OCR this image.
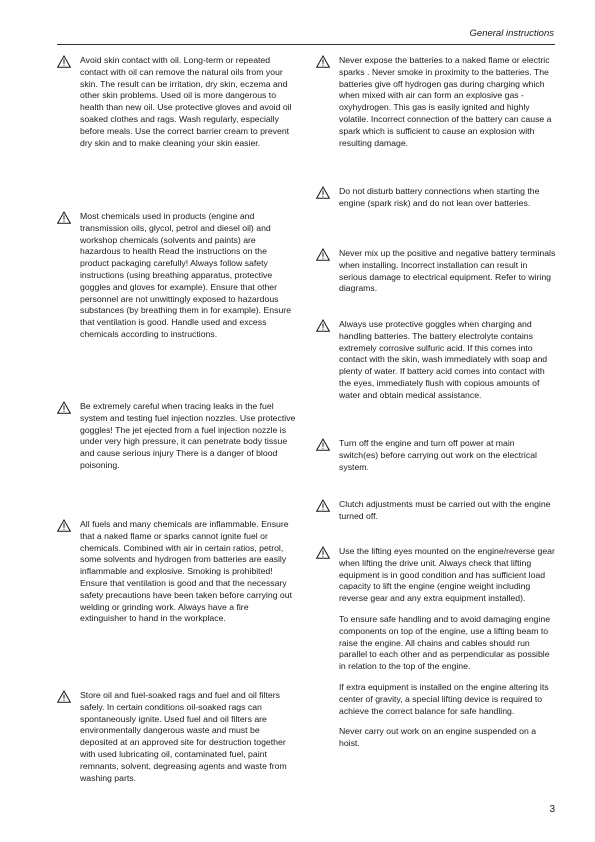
General instructions

Avoid skin contact with oil. Long-term or repeated contact with oil can remove the natural oils from your skin. The result can be irritation, dry skin, eczema and other skin problems. Used oil is more dangerous to health than new oil. Use protective gloves and avoid oil soaked clothes and rags. Wash regularly, especially before meals. Use the correct barrier cream to prevent dry skin and to make cleaning your skin easier.

Most chemicals used in products (engine and transmission oils, glycol, petrol and diesel oil) and workshop chemicals (solvents and paints) are hazardous to health Read the instructions on the product packaging carefully! Always follow safety instructions (using breathing apparatus, protective goggles and gloves for example). Ensure that other personnel are not unwittingly exposed to hazardous substances (by breathing them in for example). Ensure that ventilation is good. Handle used and excess chemicals according to instructions.

Be extremely careful when tracing leaks in the fuel system and testing fuel injection nozzles. Use protective goggles! The jet ejected from a fuel injection nozzle is under very high pressure, it can penetrate body tissue and cause serious injury There is a danger of blood poisoning.

All fuels and many chemicals are inflammable. Ensure that a naked flame or sparks cannot ignite fuel or chemicals. Combined with air in certain ratios, petrol, some solvents and hydrogen from batteries are easily inflammable and explosive. Smoking is prohibited! Ensure that ventilation is good and that the necessary safety precautions have been taken before carrying out welding or grinding work. Always have a fire extinguisher to hand in the workplace.

Store oil and fuel-soaked rags and fuel and oil filters safely. In certain conditions oil-soaked rags can spontaneously ignite. Used fuel and oil filters are environmentally dangerous waste and must be deposited at an approved site for destruction together with used lubricating oil, contaminated fuel, paint remnants, solvent, degreasing agents and waste from washing parts.

Never expose the batteries to a naked flame or electric sparks . Never smoke in proximity to the batteries. The batteries give off hydrogen gas during charging which when mixed with air can form an explosive gas - oxyhydrogen. This gas is easily ignited and highly volatile. Incorrect connection of the battery can cause a spark which is sufficient to cause an explosion with resulting damage.

Do not disturb battery connections when starting the engine (spark risk) and do not lean over batteries.

Never mix up the positive and negative battery terminals when installing. Incorrect installation can result in serious damage to electrical equipment. Refer to wiring diagrams.

Always use protective goggles when charging and handling batteries. The battery electrolyte contains extremely corrosive sulfuric acid. If this comes into contact with the skin, wash immediately with soap and plenty of water. If battery acid comes into contact with the eyes, immediately flush with copious amounts of water and obtain medical assistance.

Turn off the engine and turn off power at main switch(es) before carrying out work on the electrical system.

Clutch adjustments must be carried out with the engine turned off.

Use the lifting eyes mounted on the engine/reverse gear when lifting the drive unit. Always check that lifting equipment is in good condition and has sufficient load capacity to lift the engine (engine weight including reverse gear and any extra equipment installed).

To ensure safe handling and to avoid damaging engine components on top of the engine, use a lifting beam to raise the engine. All chains and cables should run parallel to each other and as perpendicular as possible in relation to the top of the engine.

If extra equipment is installed on the engine altering its center of gravity, a special lifting device is required to achieve the correct balance for safe handling.

Never carry out work on an engine suspended on a hoist.

3
